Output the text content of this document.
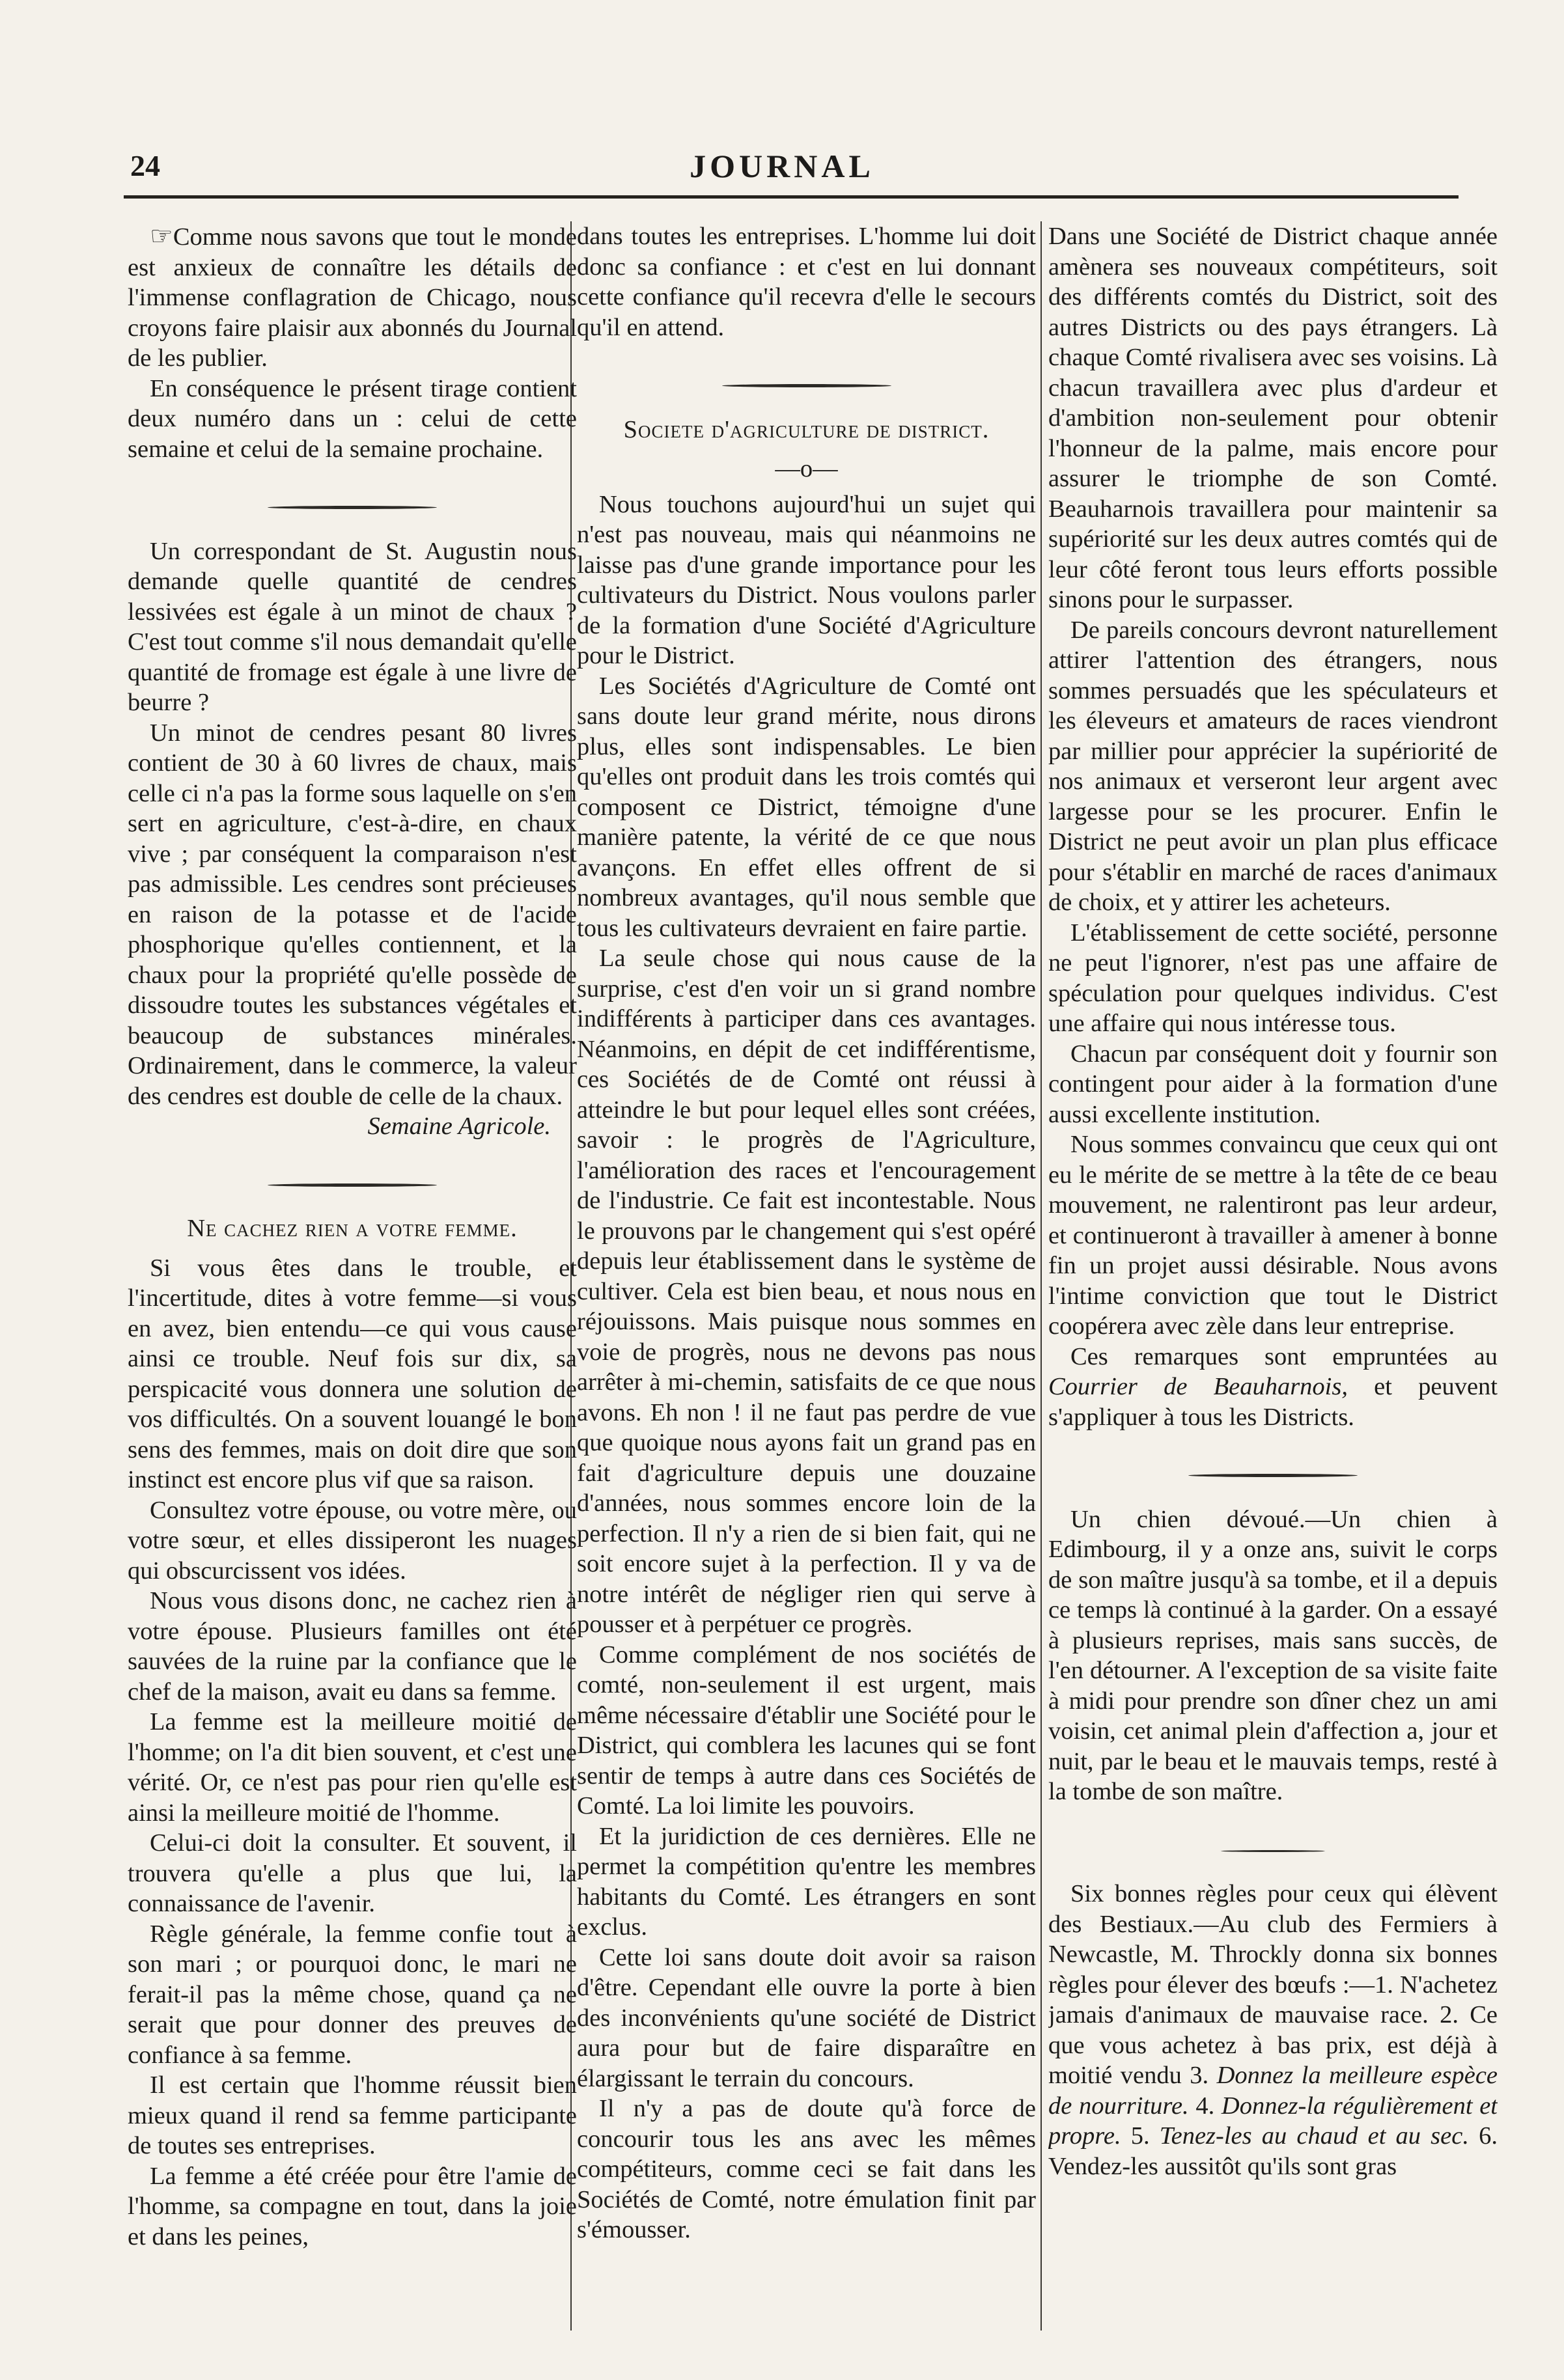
24	JOURNAL

☞Comme nous savons que tout le monde est anxieux de connaître les détails de l'immense conflagration de Chicago, nous croyons faire plaisir aux abonnés du Journal de les publier.

En conséquence le présent tirage contient deux numéro dans un : celui de cette semaine et celui de la semaine prochaine.

Un correspondant de St. Augustin nous demande quelle quantité de cendres lessivées est égale à un minot de chaux ? C'est tout comme s'il nous demandait qu'elle quantité de fromage est égale à une livre de beurre ?

Un minot de cendres pesant 80 livres contient de 30 à 60 livres de chaux, mais celle ci n'a pas la forme sous laquelle on s'en sert en agriculture, c'est-à-dire, en chaux vive ; par conséquent la comparaison n'est pas admissible. Les cendres sont précieuses en raison de la potasse et de l'acide phosphorique qu'elles contiennent, et la chaux pour la propriété qu'elle possède de dissoudre toutes les substances végétales et beaucoup de substances minérales. Ordinairement, dans le commerce, la valeur des cendres est double de celle de la chaux.

Semaine Agricole.

Ne cachez rien a votre femme.

Si vous êtes dans le trouble, et l'incertitude, dites à votre femme—si vous en avez, bien entendu—ce qui vous cause ainsi ce trouble. Neuf fois sur dix, sa perspicacité vous donnera une solution de vos difficultés. On a souvent louangé le bon sens des femmes, mais on doit dire que son instinct est encore plus vif que sa raison.

Consultez votre épouse, ou votre mère, ou votre sœur, et elles dissiperont les nuages qui obscurcissent vos idées.

Nous vous disons donc, ne cachez rien à votre épouse. Plusieurs familles ont été sauvées de la ruine par la confiance que le chef de la maison, avait eu dans sa femme.

La femme est la meilleure moitié de l'homme; on l'a dit bien souvent, et c'est une vérité. Or, ce n'est pas pour rien qu'elle est ainsi la meilleure moitié de l'homme.

Celui-ci doit la consulter. Et souvent, il trouvera qu'elle a plus que lui, la connaissance de l'avenir.

Règle générale, la femme confie tout à son mari ; or pourquoi donc, le mari ne ferait-il pas la même chose, quand ça ne serait que pour donner des preuves de confiance à sa femme.

Il est certain que l'homme réussit bien mieux quand il rend sa femme participante de toutes ses entreprises.

La femme a été créée pour être l'amie de l'homme, sa compagne en tout, dans la joie et dans les peines,

dans toutes les entreprises. L'homme lui doit donc sa confiance : et c'est en lui donnant cette confiance qu'il recevra d'elle le secours qu'il en attend.

Societe d'agriculture de district.

—o—

Nous touchons aujourd'hui un sujet qui n'est pas nouveau, mais qui néanmoins ne laisse pas d'une grande importance pour les cultivateurs du District. Nous voulons parler de la formation d'une Société d'Agriculture pour le District.

Les Sociétés d'Agriculture de Comté ont sans doute leur grand mérite, nous dirons plus, elles sont indispensables. Le bien qu'elles ont produit dans les trois comtés qui composent ce District, témoigne d'une manière patente, la vérité de ce que nous avançons. En effet elles offrent de si nombreux avantages, qu'il nous semble que tous les cultivateurs devraient en faire partie.

La seule chose qui nous cause de la surprise, c'est d'en voir un si grand nombre indifférents à participer dans ces avantages. Néanmoins, en dépit de cet indifférentisme, ces Sociétés de de Comté ont réussi à atteindre le but pour lequel elles sont créées, savoir : le progrès de l'Agriculture, l'amélioration des races et l'encouragement de l'industrie. Ce fait est incontestable. Nous le prouvons par le changement qui s'est opéré depuis leur établissement dans le système de cultiver. Cela est bien beau, et nous nous en réjouissons. Mais puisque nous sommes en voie de progrès, nous ne devons pas nous arrêter à mi-chemin, satisfaits de ce que nous avons. Eh non ! il ne faut pas perdre de vue que quoique nous ayons fait un grand pas en fait d'agriculture depuis une douzaine d'années, nous sommes encore loin de la perfection. Il n'y a rien de si bien fait, qui ne soit encore sujet à la perfection. Il y va de notre intérêt de négliger rien qui serve à pousser et à perpétuer ce progrès.

Comme complément de nos sociétés de comté, non-seulement il est urgent, mais même nécessaire d'établir une Société pour le District, qui comblera les lacunes qui se font sentir de temps à autre dans ces Sociétés de Comté. La loi limite les pouvoirs.

Et la juridiction de ces dernières. Elle ne permet la compétition qu'entre les membres habitants du Comté. Les étrangers en sont exclus.

Cette loi sans doute doit avoir sa raison d'être. Cependant elle ouvre la porte à bien des inconvénients qu'une société de District aura pour but de faire disparaître en élargissant le terrain du concours.

Il n'y a pas de doute qu'à force de concourir tous les ans avec les mêmes compétiteurs, comme ceci se fait dans les Sociétés de Comté, notre émulation finit par s'émousser.

Dans une Société de District chaque année amènera ses nouveaux compétiteurs, soit des différents comtés du District, soit des autres Districts ou des pays étrangers. Là chaque Comté rivalisera avec ses voisins. Là chacun travaillera avec plus d'ardeur et d'ambition non-seulement pour obtenir l'honneur de la palme, mais encore pour assurer le triomphe de son Comté. Beauharnois travaillera pour maintenir sa supériorité sur les deux autres comtés qui de leur côté feront tous leurs efforts possible sinons pour le surpasser.

De pareils concours devront naturellement attirer l'attention des étrangers, nous sommes persuadés que les spéculateurs et les éleveurs et amateurs de races viendront par millier pour apprécier la supériorité de nos animaux et verseront leur argent avec largesse pour se les procurer. Enfin le District ne peut avoir un plan plus efficace pour s'établir en marché de races d'animaux de choix, et y attirer les acheteurs.

L'établissement de cette société, personne ne peut l'ignorer, n'est pas une affaire de spéculation pour quelques individus. C'est une affaire qui nous intéresse tous.

Chacun par conséquent doit y fournir son contingent pour aider à la formation d'une aussi excellente institution.

Nous sommes convaincu que ceux qui ont eu le mérite de se mettre à la tête de ce beau mouvement, ne ralentiront pas leur ardeur, et continueront à travailler à amener à bonne fin un projet aussi désirable. Nous avons l'intime conviction que tout le District coopérera avec zèle dans leur entreprise.

Ces remarques sont empruntées au Courrier de Beauharnois, et peuvent s'appliquer à tous les Districts.

Un chien dévoué.—Un chien à Edimbourg, il y a onze ans, suivit le corps de son maître jusqu'à sa tombe, et il a depuis ce temps là continué à la garder. On a essayé à plusieurs reprises, mais sans succès, de l'en détourner. A l'exception de sa visite faite à midi pour prendre son dîner chez un ami voisin, cet animal plein d'affection a, jour et nuit, par le beau et le mauvais temps, resté à la tombe de son maître.

Six bonnes règles pour ceux qui élèvent des Bestiaux.—Au club des Fermiers à Newcastle, M. Throckly donna six bonnes règles pour élever des bœufs :—1. N'achetez jamais d'animaux de mauvaise race. 2. Ce que vous achetez à bas prix, est déjà à moitié vendu 3. Donnez la meilleure espèce de nourriture. 4. Donnez-la régulièrement et propre. 5. Tenez-les au chaud et au sec. 6. Vendez-les aussitôt qu'ils sont gras
